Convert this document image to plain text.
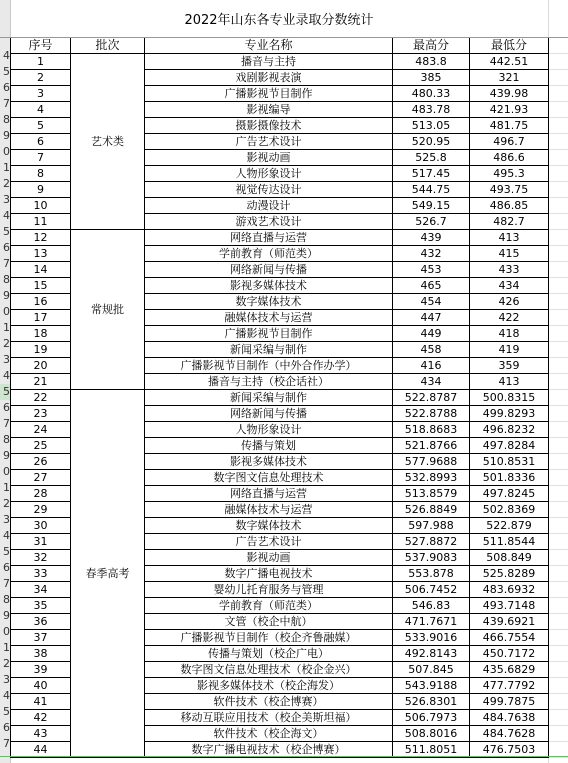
4
5
6
7
8
9
0
1
2
3
4
5
6
7
8
9
0
1
2
3
4
5
6
7
8
9
0
1
2
3
4
5
6
7
8
9
0
1
2
3
4
5
6
7
2022年山东各专业录取分数统计
序号	批次	专业名称	最高分	最低分
1	艺术类	播音与主持	483.8	442.51
2		戏剧影视表演	385	321
3		广播影视节目制作	480.33	439.98
4		影视编导	483.78	421.93
5		摄影摄像技术	513.05	481.75
6		广告艺术设计	520.95	496.7
7		影视动画	525.8	486.6
8		人物形象设计	517.45	495.3
9		视觉传达设计	544.75	493.75
10		动漫设计	549.15	486.85
11		游戏艺术设计	526.7	482.7
12	常规批	网络直播与运营	439	413
13		学前教育（师范类）	432	415
14		网络新闻与传播	453	433
15		影视多媒体技术	465	434
16		数字媒体技术	454	426
17		融媒体技术与运营	447	422
18		广播影视节目制作	449	418
19		新闻采编与制作	458	419
20		广播影视节目制作（中外合作办学）	416	359
21		播音与主持（校企话社）	434	413
22	春季高考	新闻采编与制作	522.8787	500.8315
23		网络新闻与传播	522.8788	499.8293
24		人物形象设计	518.8683	496.8232
25		传播与策划	521.8766	497.8284
26		影视多媒体技术	577.9688	510.8531
27		数字图文信息处理技术	532.8993	501.8336
28		网络直播与运营	513.8579	497.8245
29		融媒体技术与运营	526.8849	502.8369
30		数字媒体技术	597.988	522.879
31		广告艺术设计	527.8872	511.8544
32		影视动画	537.9083	508.849
33		数字广播电视技术	553.878	525.8289
34		婴幼儿托育服务与管理	506.7452	483.6932
35		学前教育（师范类）	546.83	493.7148
36		文管（校企中航）	471.7671	439.6921
37		广播影视节目制作（校企齐鲁融媒）	533.9016	466.7554
38		传播与策划（校企广电）	492.8143	450.7172
39		数字图文信息处理技术（校企金兴）	507.845	435.6829
40		影视多媒体技术（校企海发）	543.9188	477.7792
41		软件技术（校企博赛）	526.8301	499.7875
42		移动互联应用技术（校企美斯坦福）	506.7973	484.7638
43		软件技术（校企海文）	508.8016	484.7628
44		数字广播电视技术（校企博赛）	511.8051	476.7503
